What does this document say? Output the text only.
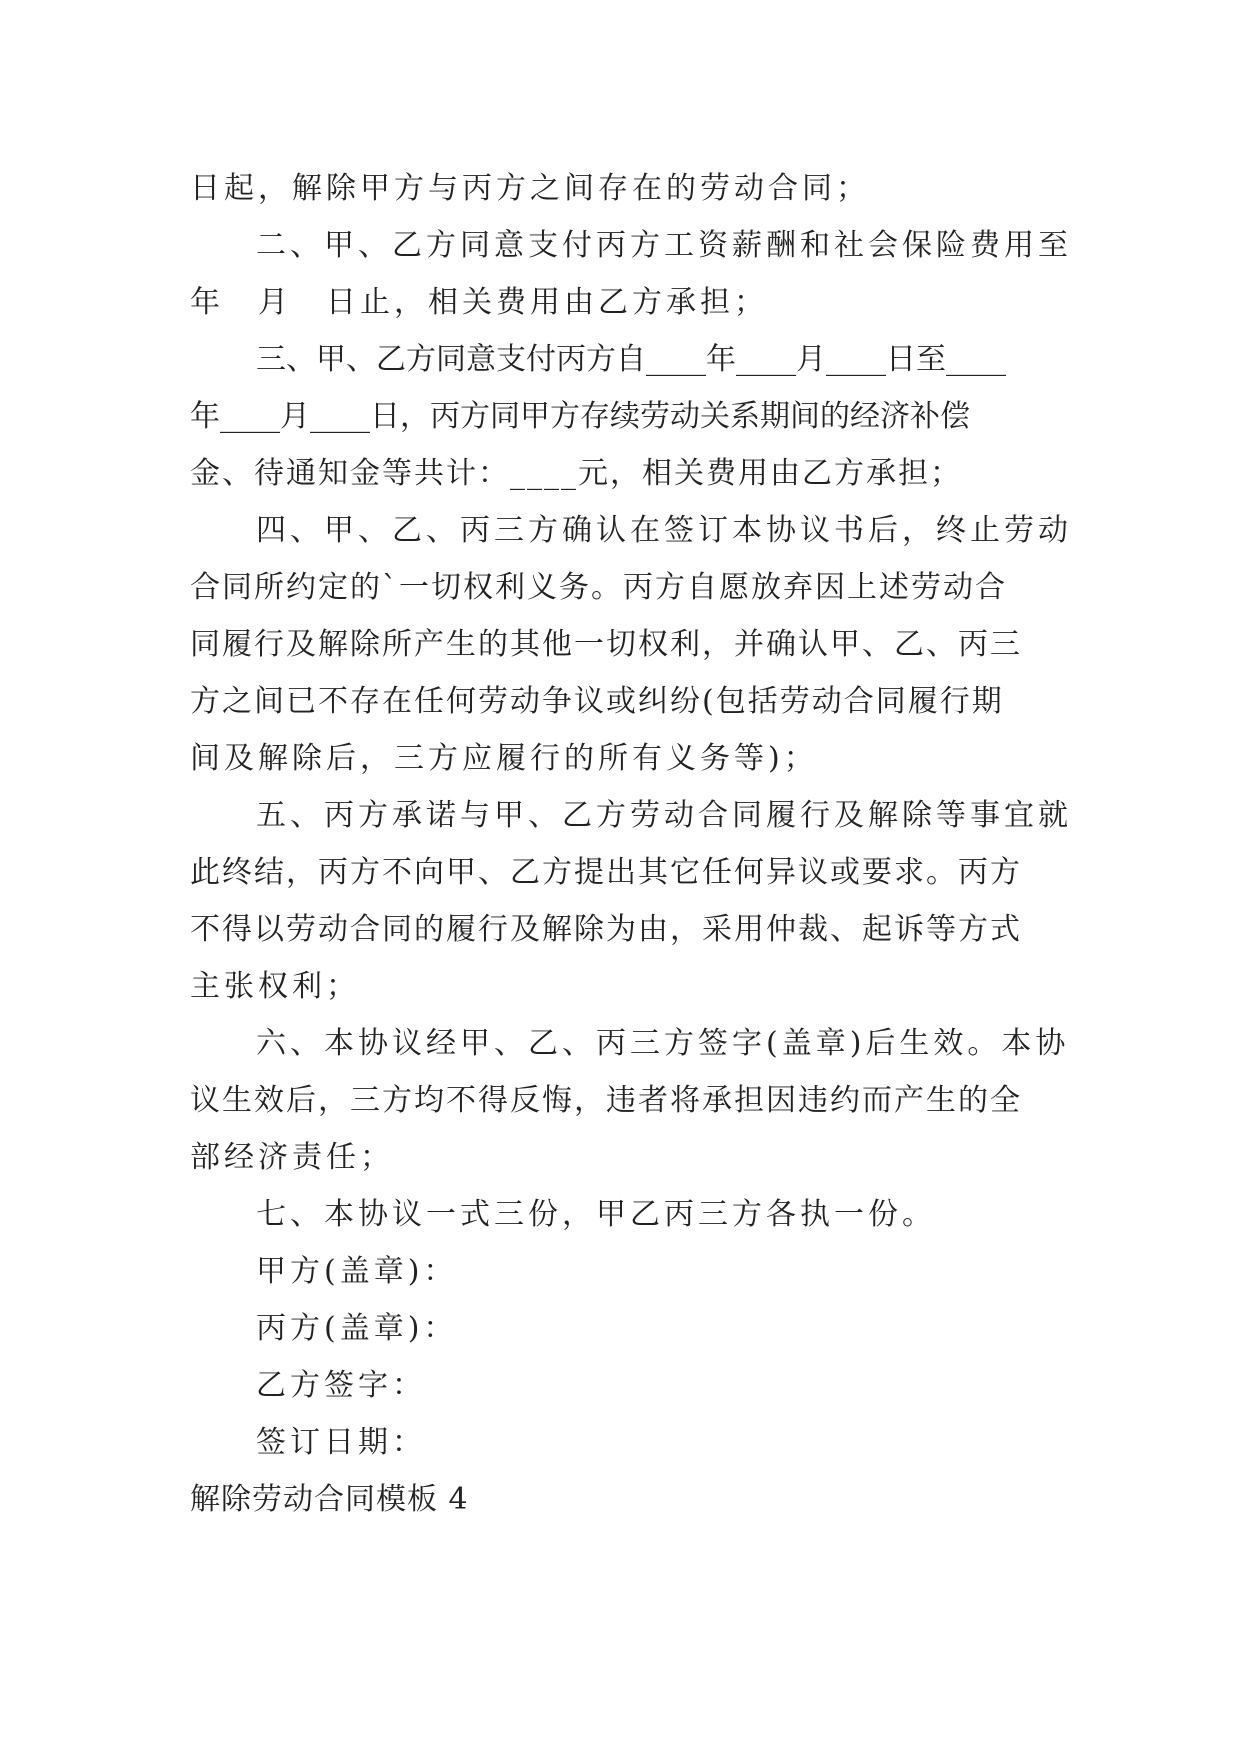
日起，解除甲方与丙方之间存在的劳动合同；
二、甲、乙方同意支付丙方工资薪酬和社会保险费用至
年　月　日止，相关费用由乙方承担；
三、甲、乙方同意支付丙方自____年____月____日至____
年____月____日，丙方同甲方存续劳动关系期间的经济补偿
金、待通知金等共计：____元，相关费用由乙方承担；
四、甲、乙、丙三方确认在签订本协议书后，终止劳动
合同所约定的`一切权利义务。丙方自愿放弃因上述劳动合
同履行及解除所产生的其他一切权利，并确认甲、乙、丙三
方之间已不存在任何劳动争议或纠纷(包括劳动合同履行期
间及解除后，三方应履行的所有义务等)；
五、丙方承诺与甲、乙方劳动合同履行及解除等事宜就
此终结，丙方不向甲、乙方提出其它任何异议或要求。丙方
不得以劳动合同的履行及解除为由，采用仲裁、起诉等方式
主张权利；
六、本协议经甲、乙、丙三方签字(盖章)后生效。本协
议生效后，三方均不得反悔，违者将承担因违约而产生的全
部经济责任；
七、本协议一式三份，甲乙丙三方各执一份。
甲方(盖章)：
丙方(盖章)：
乙方签字：
签订日期：
解除劳动合同模板 4
